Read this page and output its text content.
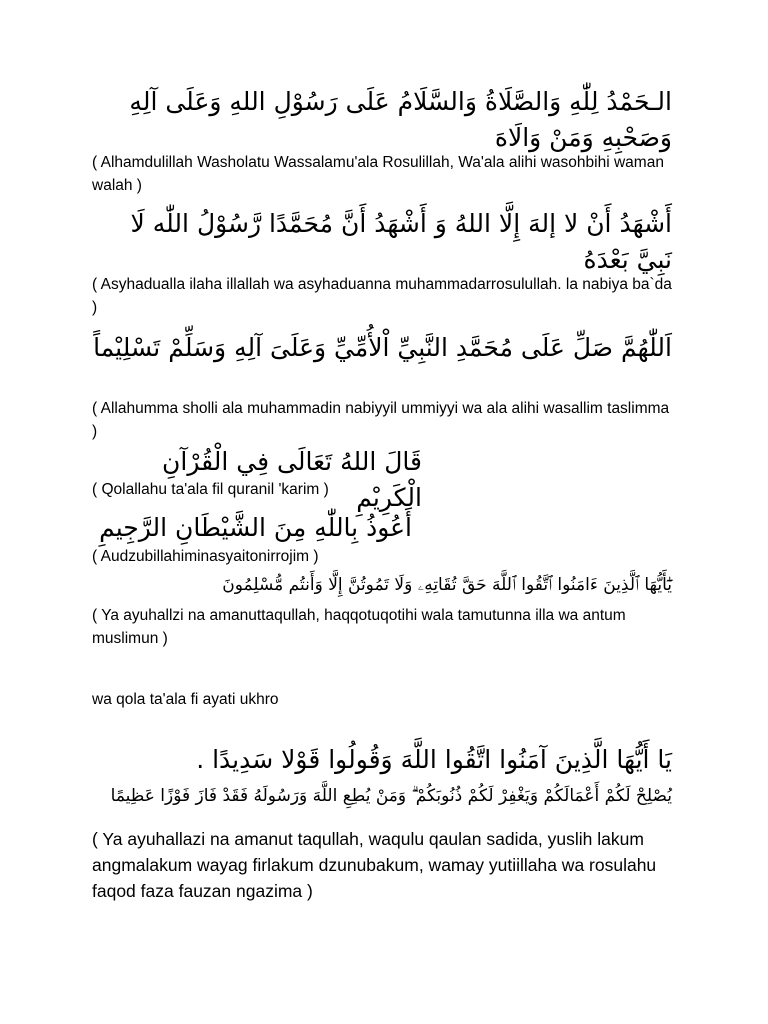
الـحَمْدُ لِلّٰهِ وَالصَّلَاةُ وَالسَّلَامُ عَلَى رَسُوْلِ اللهِ وَعَلَى آلِهِ وَصَحْبِهِ وَمَنْ وَالَاهَ

( Alhamdulillah Washolatu Wassalamu'ala Rosulillah, Wa'ala alihi wasohbihi waman walah )

أَشْهَدُ أَنْ لا إلهَ إِلَّا اللهُ وَ أَشْهَدُ أَنَّ مُحَمَّدًا رَّسُوْلُ اللّٰه لَا نَبِيَّ بَعْدَهُ

( Asyhadualla ilaha illallah wa asyhaduanna muhammadarrosulullah. la nabiya ba`da )

اَللّٰهُمَّ صَلِّ عَلَى مُحَمَّدِ النَّبِيِّ اْلأُمِّيِّ وَعَلَىَ آلِهِ وَسَلِّمْ تَسْلِيْماً

( Allahumma sholli ala muhammadin nabiyyil ummiyyi wa ala alihi wasallim taslimma )

قَالَ اللهُ تَعَالَى فِي الْقُرْآنِ الْكَرِيْمِ

( Qolallahu ta'ala fil quranil 'karim )

أَعُوذُ بِاللّٰهِ مِنَ الشَّيْطَانِ الرَّجِيمِ

( Audzubillahiminasyaitonirrojim )

يَٰٓأَيُّهَا ٱلَّذِينَ ءَامَنُوا ٱتَّقُوا ٱللَّهَ حَقَّ تُقَاتِهِۦ وَلَا تَمُوتُنَّ إِلَّا وَأَنتُم مُّسْلِمُونَ

( Ya ayuhallzi na amanuttaqullah, haqqotuqotihi wala tamutunna illa wa antum muslimun )

wa qola ta'ala fi ayati ukhro

يَا أَيُّهَا الَّذِينَ آمَنُوا اتَّقُوا اللَّهَ وَقُولُوا قَوْلا سَدِيدًا .

يُصْلِحْ لَكُمْ أَعْمَالَكُمْ وَيَغْفِرْ لَكُمْ ذُنُوبَكُمْ ۗ وَمَنْ يُطِعِ اللَّهَ وَرَسُولَهُ فَقَدْ فَازَ فَوْزًا عَظِيمًا

( Ya ayuhallazi na amanut taqullah, waqulu qaulan sadida, yuslih lakum angmalakum wayag firlakum dzunubakum, wamay yutiillaha wa rosulahu faqod faza fauzan ngazima )
